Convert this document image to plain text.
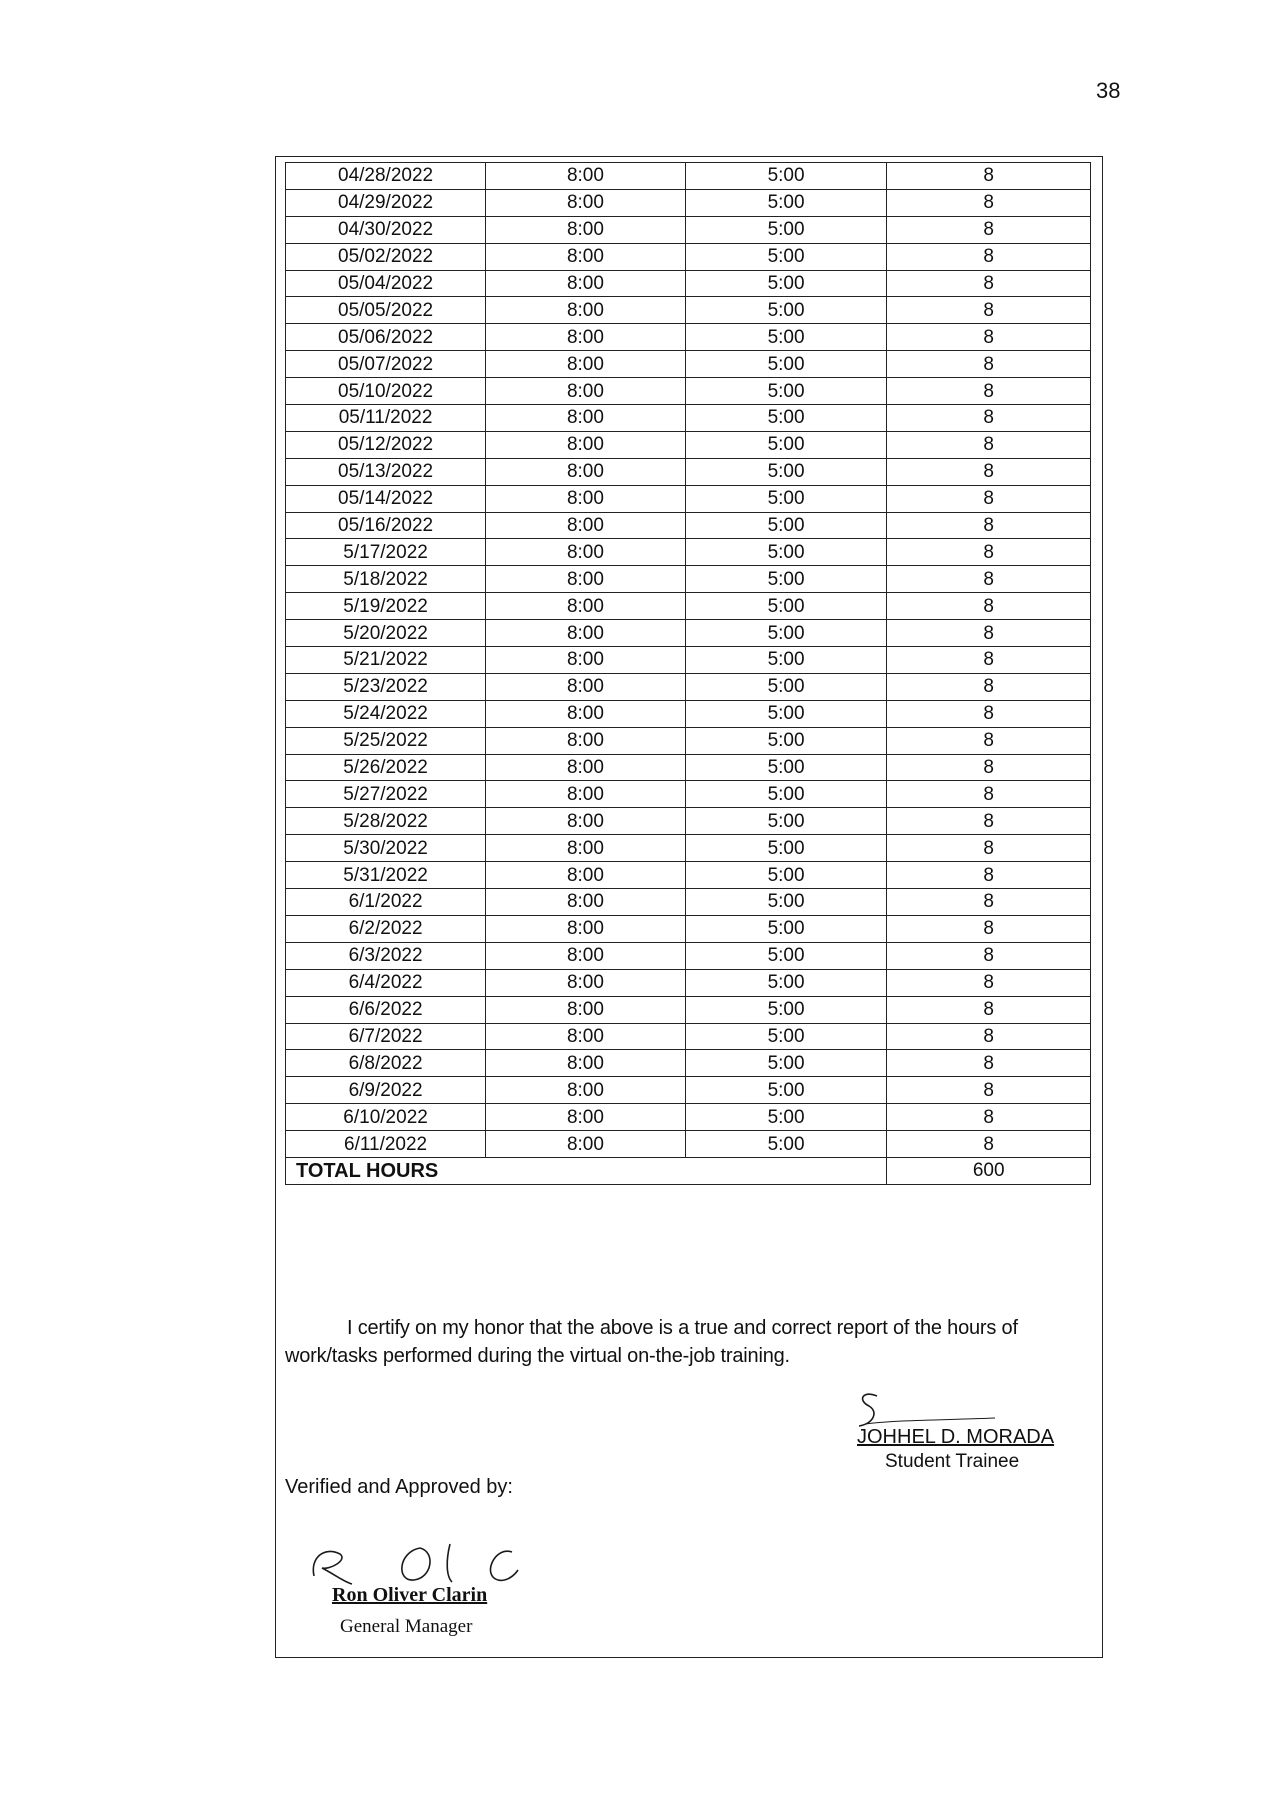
38
04/28/2022	8:00	5:00	8
04/29/2022	8:00	5:00	8
04/30/2022	8:00	5:00	8
05/02/2022	8:00	5:00	8
05/04/2022	8:00	5:00	8
05/05/2022	8:00	5:00	8
05/06/2022	8:00	5:00	8
05/07/2022	8:00	5:00	8
05/10/2022	8:00	5:00	8
05/11/2022	8:00	5:00	8
05/12/2022	8:00	5:00	8
05/13/2022	8:00	5:00	8
05/14/2022	8:00	5:00	8
05/16/2022	8:00	5:00	8
5/17/2022	8:00	5:00	8
5/18/2022	8:00	5:00	8
5/19/2022	8:00	5:00	8
5/20/2022	8:00	5:00	8
5/21/2022	8:00	5:00	8
5/23/2022	8:00	5:00	8
5/24/2022	8:00	5:00	8
5/25/2022	8:00	5:00	8
5/26/2022	8:00	5:00	8
5/27/2022	8:00	5:00	8
5/28/2022	8:00	5:00	8
5/30/2022	8:00	5:00	8
5/31/2022	8:00	5:00	8
6/1/2022	8:00	5:00	8
6/2/2022	8:00	5:00	8
6/3/2022	8:00	5:00	8
6/4/2022	8:00	5:00	8
6/6/2022	8:00	5:00	8
6/7/2022	8:00	5:00	8
6/8/2022	8:00	5:00	8
6/9/2022	8:00	5:00	8
6/10/2022	8:00	5:00	8
6/11/2022	8:00	5:00	8
TOTAL HOURS			600

I certify on my honor that the above is a true and correct report of the hours of work/tasks performed during the virtual on-the-job training.

JOHHEL D. MORADA
Student Trainee
Verified and Approved by:
Ron Oliver Clarin
General Manager
